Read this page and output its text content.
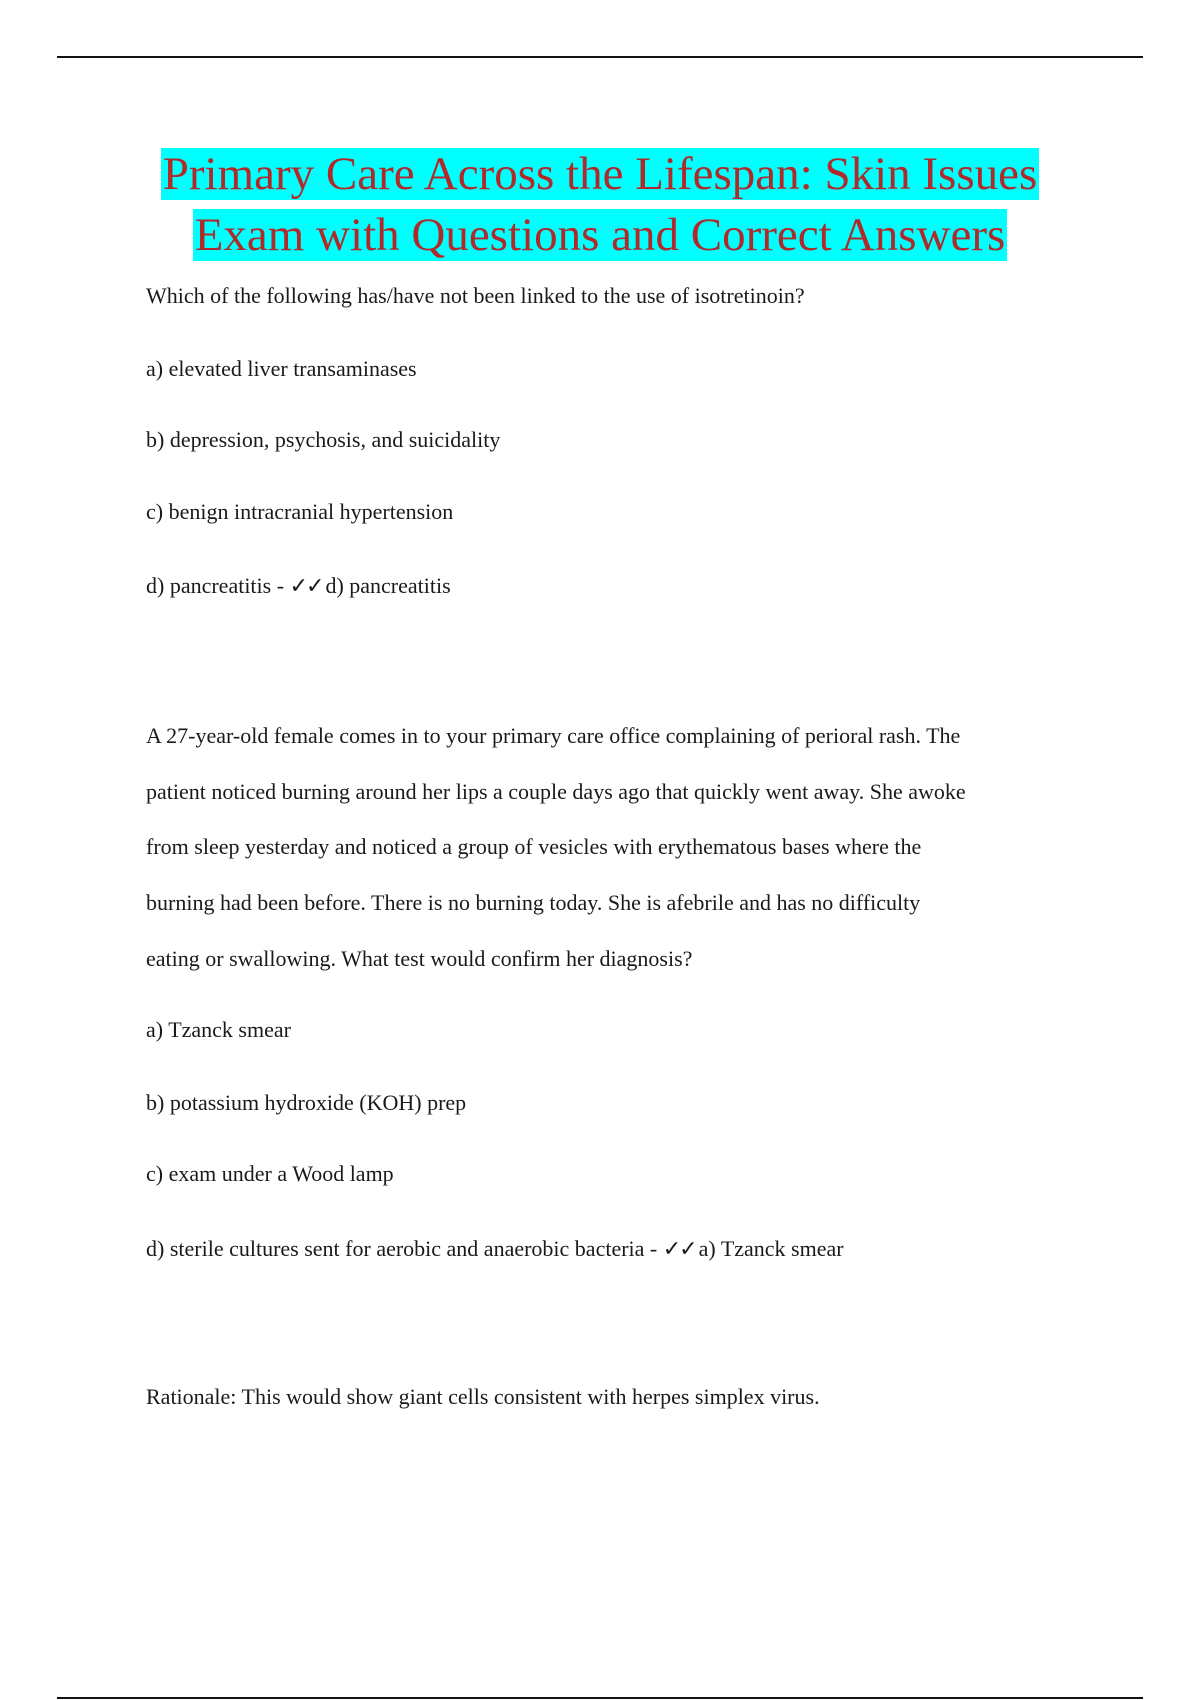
Primary Care Across the Lifespan: Skin Issues
Exam with Questions and Correct Answers
Which of the following has/have not been linked to the use of isotretinoin?
a) elevated liver transaminases
b) depression, psychosis, and suicidality
c) benign intracranial hypertension
d) pancreatitis - ✓✓ d) pancreatitis
A 27-year-old female comes in to your primary care office complaining of perioral rash. The
patient noticed burning around her lips a couple days ago that quickly went away. She awoke
from sleep yesterday and noticed a group of vesicles with erythematous bases where the
burning had been before. There is no burning today. She is afebrile and has no difficulty
eating or swallowing. What test would confirm her diagnosis?
a) Tzanck smear
b) potassium hydroxide (KOH) prep
c) exam under a Wood lamp
d) sterile cultures sent for aerobic and anaerobic bacteria - ✓✓ a) Tzanck smear
Rationale: This would show giant cells consistent with herpes simplex virus.
